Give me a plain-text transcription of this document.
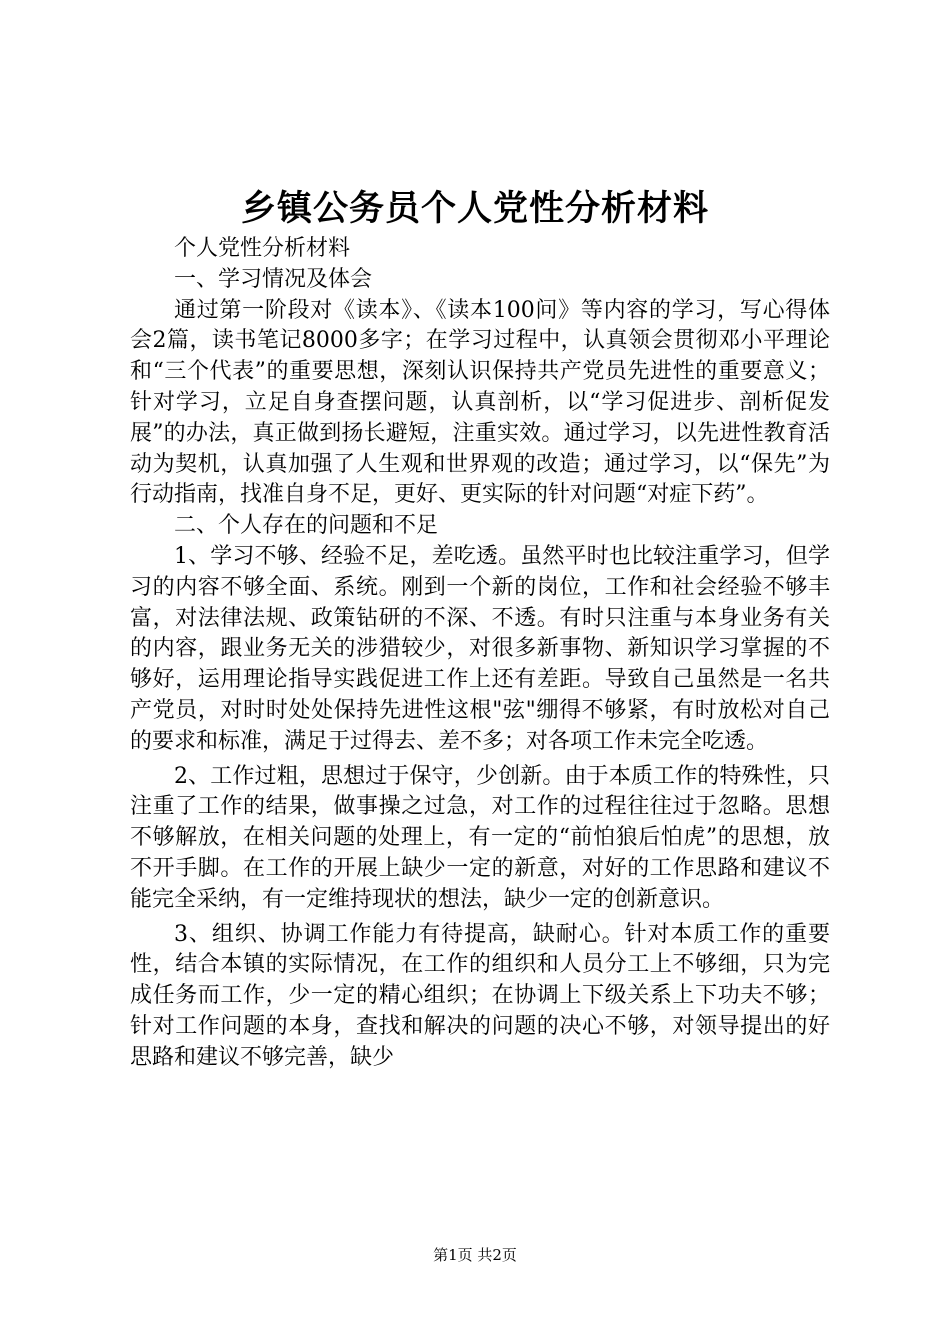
乡镇公务员个人党性分析材料

个人党性分析材料

一、学习情况及体会

通过第一阶段对《读本》、《读本100问》等内容的学习，写心得体会2篇，读书笔记8000多字；在学习过程中，认真领会贯彻邓小平理论和“三个代表”的重要思想，深刻认识保持共产党员先进性的重要意义；针对学习，立足自身查摆问题，认真剖析，以“学习促进步、剖析促发展”的办法，真正做到扬长避短，注重实效。通过学习，以先进性教育活动为契机，认真加强了人生观和世界观的改造；通过学习，以“保先”为行动指南，找准自身不足，更好、更实际的针对问题“对症下药”。

二、个人存在的问题和不足

1、学习不够、经验不足，差吃透。虽然平时也比较注重学习，但学习的内容不够全面、系统。刚到一个新的岗位，工作和社会经验不够丰富，对法律法规、政策钻研的不深、不透。有时只注重与本身业务有关的内容，跟业务无关的涉猎较少，对很多新事物、新知识学习掌握的不够好，运用理论指导实践促进工作上还有差距。导致自己虽然是一名共产党员，对时时处处保持先进性这根"弦"绷得不够紧，有时放松对自己的要求和标准，满足于过得去、差不多；对各项工作未完全吃透。

2、工作过粗，思想过于保守，少创新。由于本质工作的特殊性，只注重了工作的结果，做事操之过急，对工作的过程往往过于忽略。思想不够解放，在相关问题的处理上，有一定的“前怕狼后怕虎”的思想，放不开手脚。在工作的开展上缺少一定的新意，对好的工作思路和建议不能完全采纳，有一定维持现状的想法，缺少一定的创新意识。

3、组织、协调工作能力有待提高，缺耐心。针对本质工作的重要性，结合本镇的实际情况，在工作的组织和人员分工上不够细，只为完成任务而工作，少一定的精心组织；在协调上下级关系上下功夫不够；针对工作问题的本身，查找和解决的问题的决心不够，对领导提出的好思路和建议不够完善，缺少

第1页 共2页
